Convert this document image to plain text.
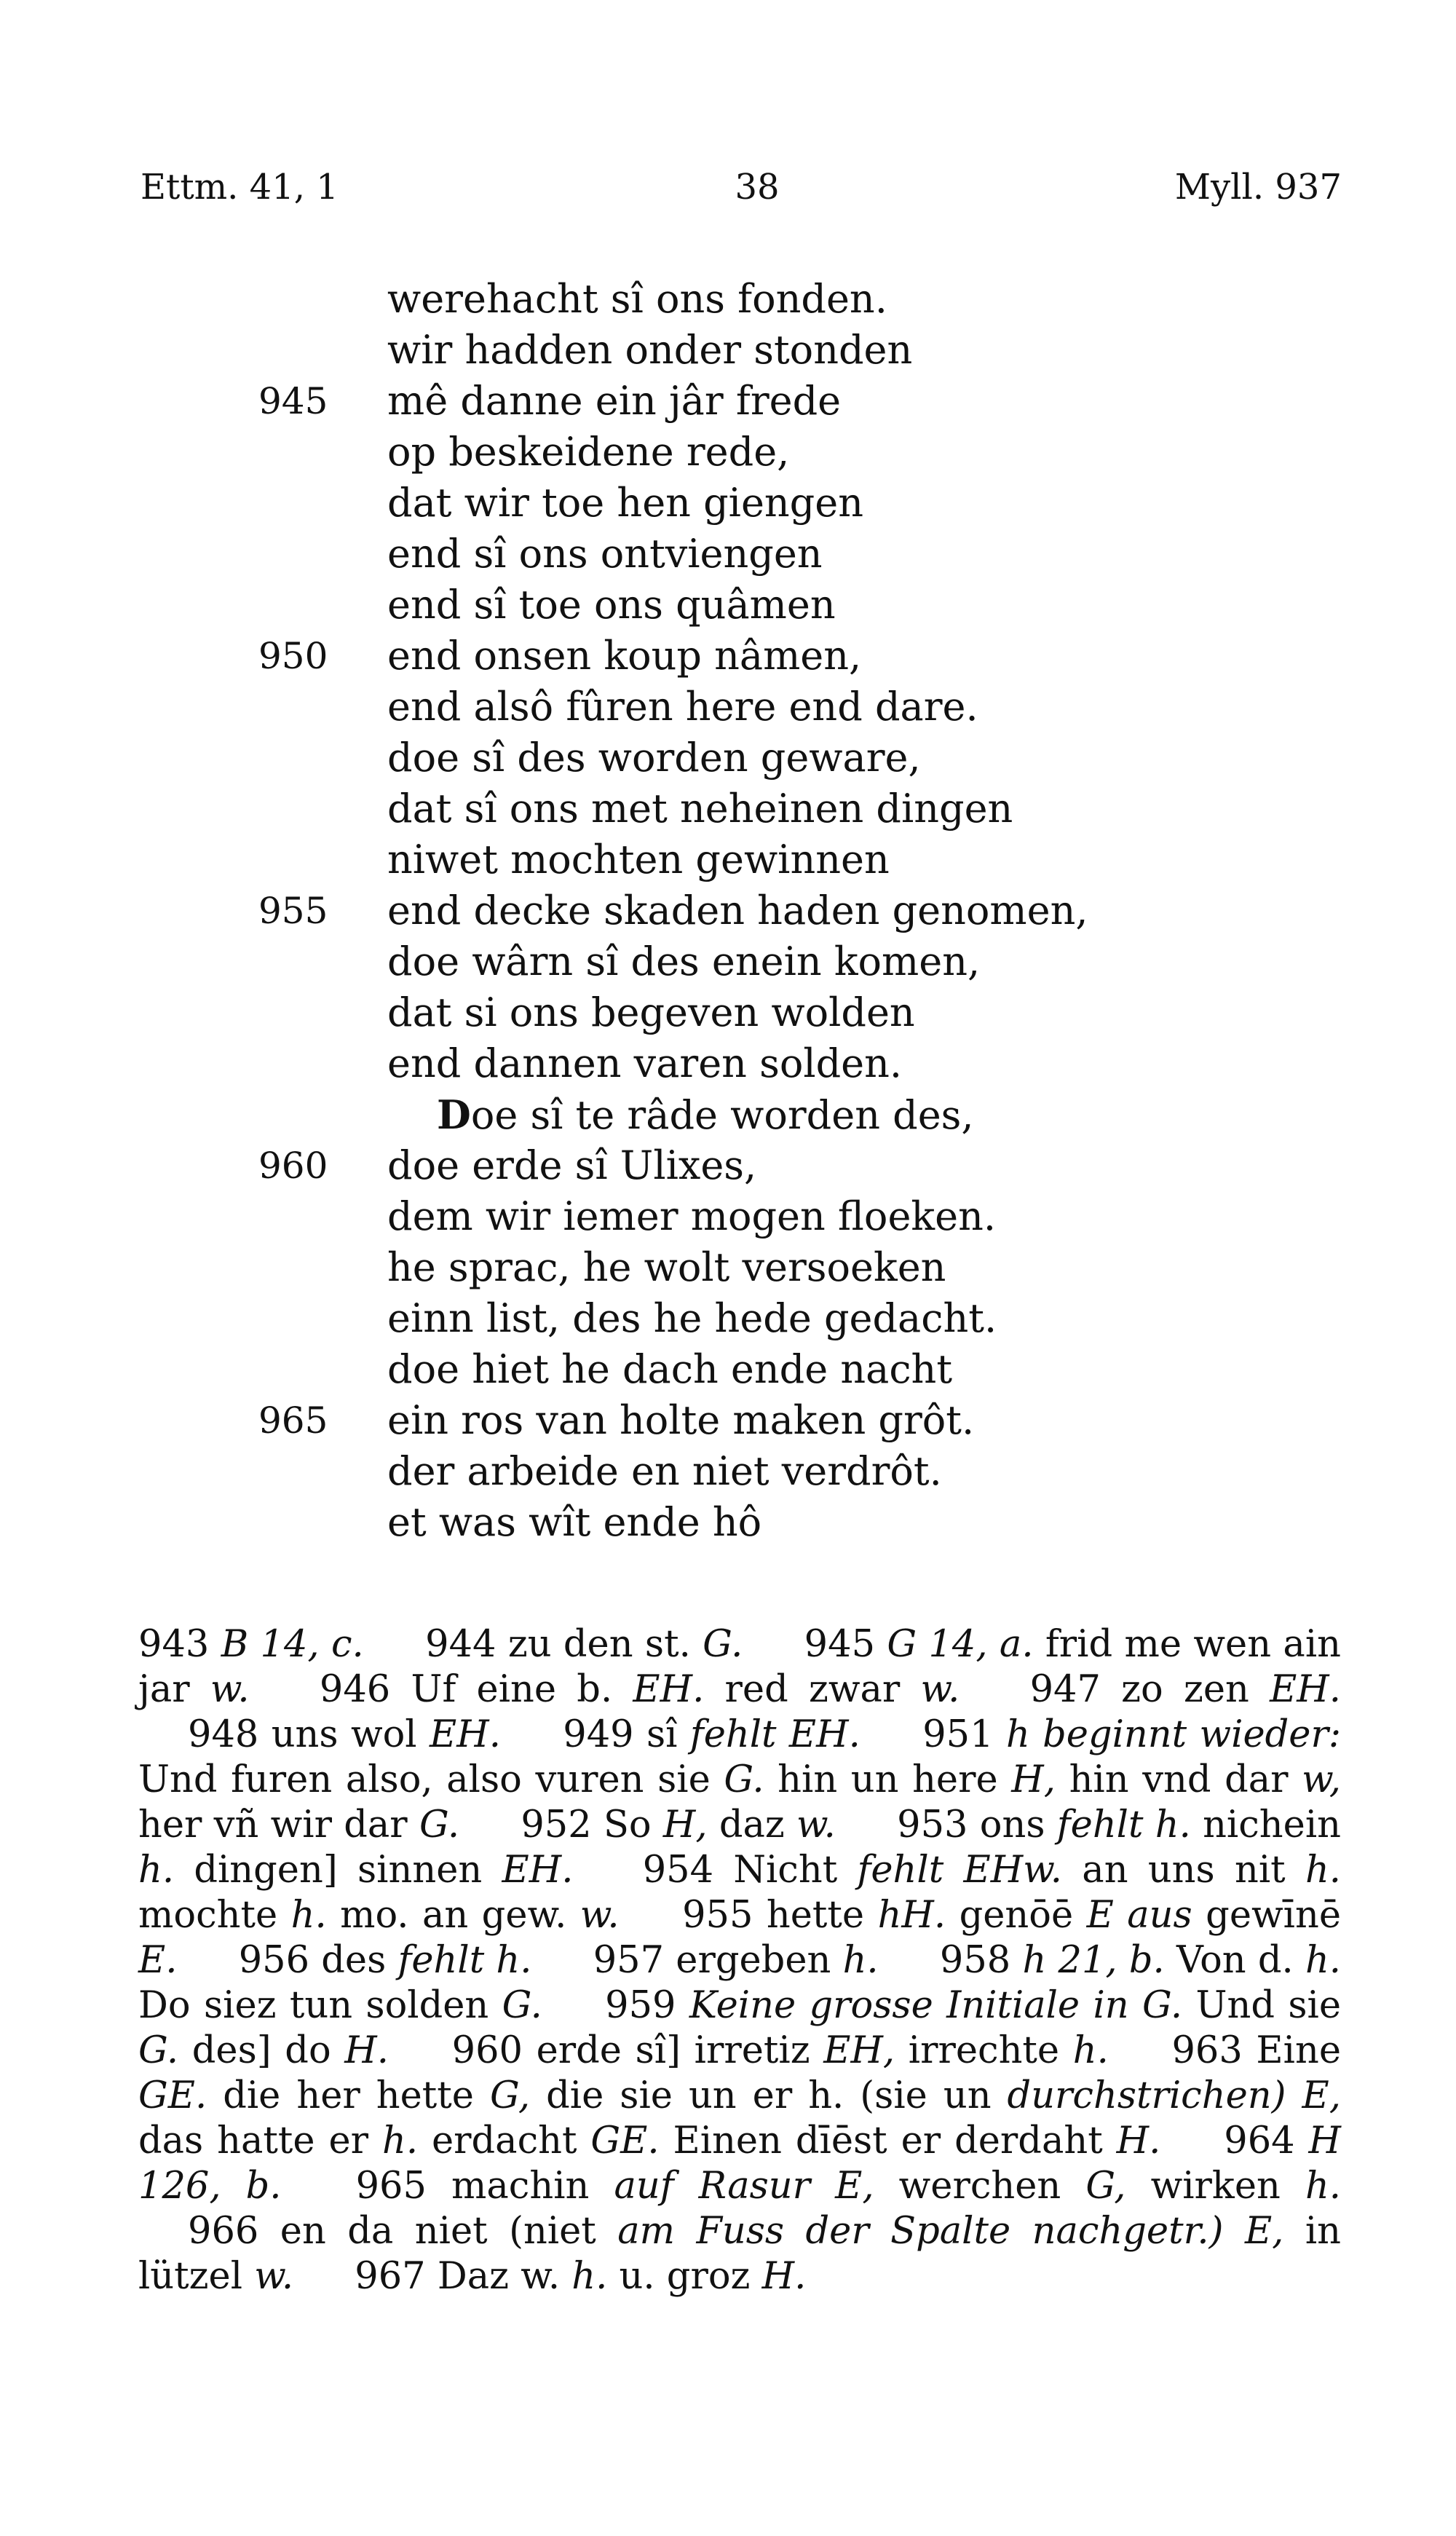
Ettm. 41, 1	38	Myll. 937
werehacht sî ons fonden.
wir hadden onder stonden
945 mê danne ein jâr frede
op beskeidene rede,
dat wir toe hen giengen
end sî ons ontviengen
end sî toe ons quâmen
950 end onsen koup nâmen,
end alsô fûren here end dare.
doe sî des worden geware,
dat sî ons met neheinen dingen
niwet mochten gewinnen
955 end decke skaden haden genomen,
doe wârn sî des enein komen,
dat si ons begeven wolden
end dannen varen solden.
Doe sî te râde worden des,
960 doe erde sî Ulixes,
dem wir iemer mogen floeken.
he sprac, he wolt versoeken
einn list, des he hede gedacht.
doe hiet he dach ende nacht
965 ein ros van holte maken grôt.
der arbeide en niet verdrôt.
et was wît ende hô
943 B 14, c. 944 zu den st. G. 945 G 14, a. frid me wen ain jar w. 946 Uf eine b. EH. red zwar w. 947 zo zen EH. 948 uns wol EH. 949 sî fehlt EH. 951 h beginnt wieder: Und furen also, also vuren sie G. hin un here H, hin vnd dar w, her vñ wir dar G. 952 So H, daz w. 953 ons fehlt h. nichein h. dingen] sinnen EH. 954 Nicht fehlt EHw. an uns nit h. mochte h. mo. an gew. w. 955 hette hH. genōē E aus gewīnē E. 956 des fehlt h. 957 ergeben h. 958 h 21, b. Von d. h. Do siez tun solden G. 959 Keine grosse Initiale in G. Und sie G. des] do H. 960 erde sî] irretiz EH, irrechte h. 963 Eine GE. die her hette G, die sie un er h. (sie un durchstrichen) E, das hatte er h. erdacht GE. Einen dīēst er derdaht H. 964 H 126, b. 965 machin auf Rasur E, werchen G, wirken h. 966 en da niet (niet am Fuss der Spalte nachgetr.) E, in lützel w. 967 Daz w. h. u. groz H.
